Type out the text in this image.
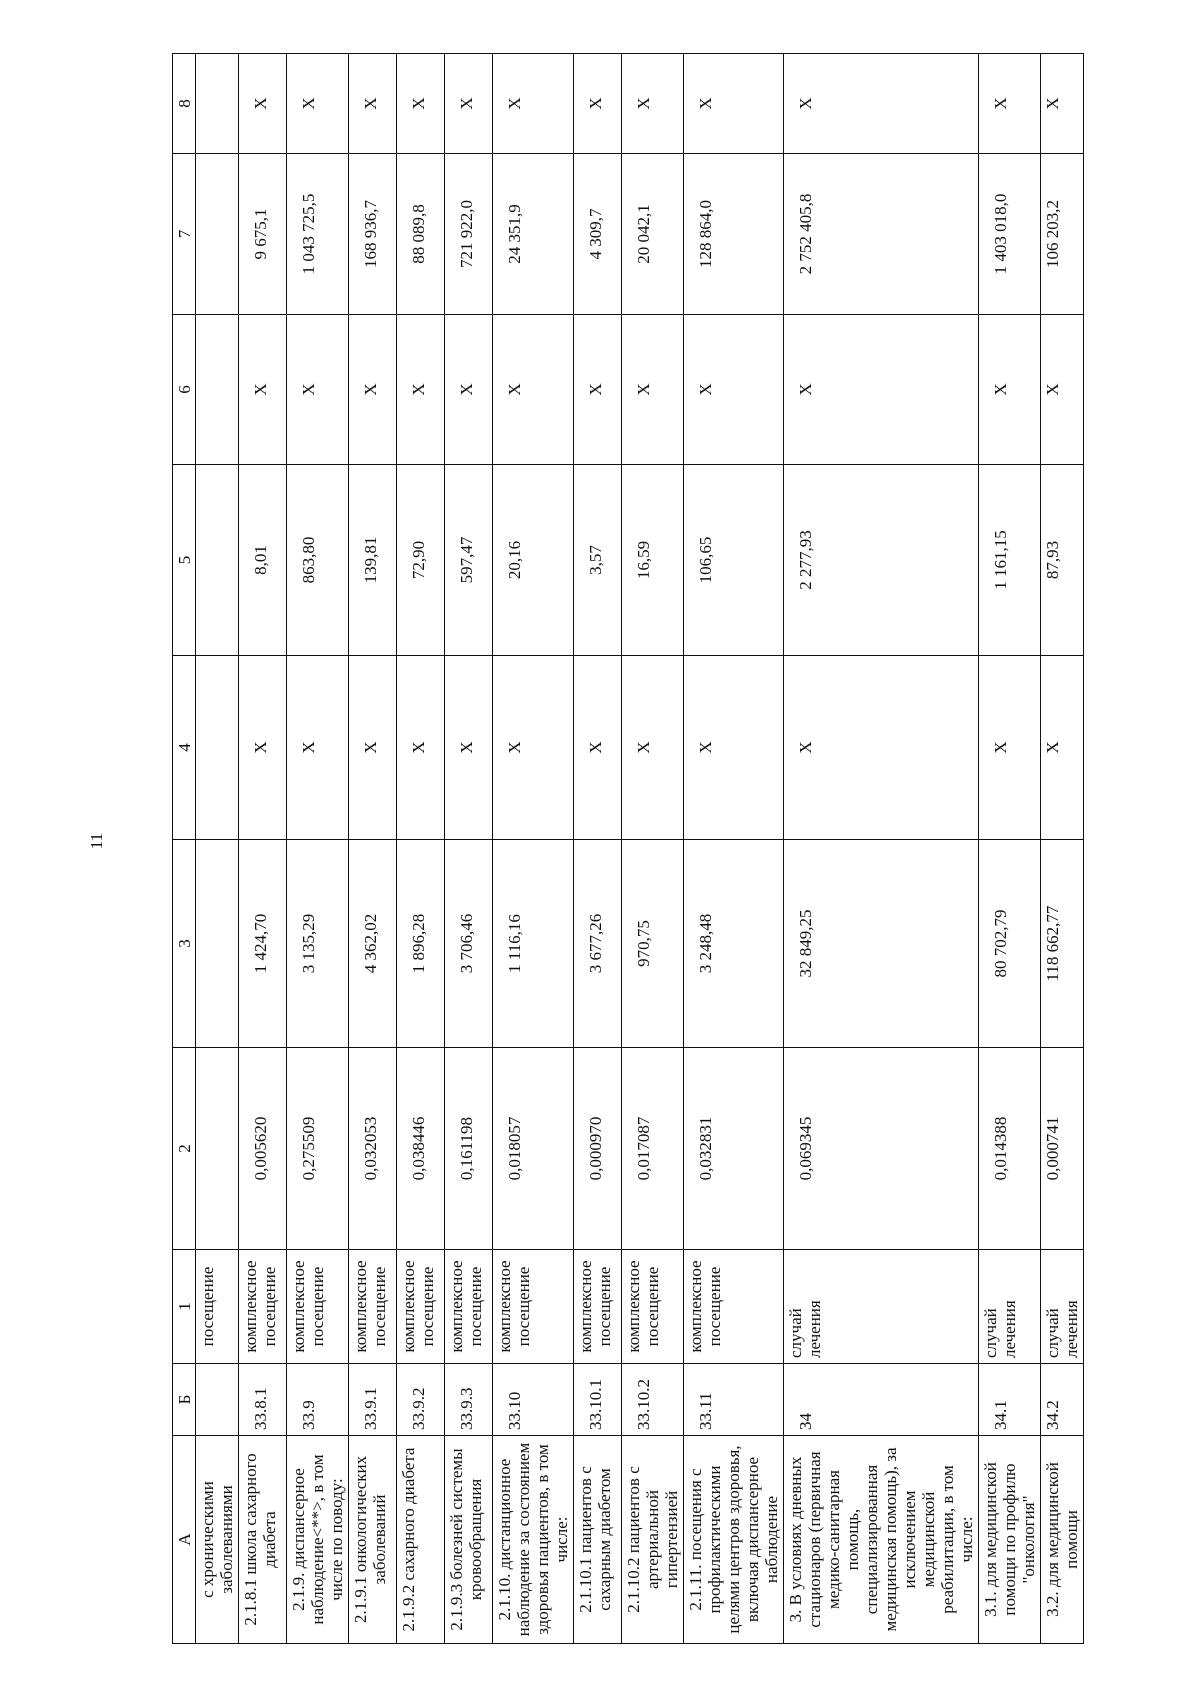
11
А	Б	1	2	3	4	5	6	7	8
с хроническими заболеваниями		посещение							
2.1.8.1 школа сахарного диабета	33.8.1	комплексное посещение	0,005620	1 424,70	Х	8,01	Х	9 675,1	Х
2.1.9. диспансерное наблюдение<**>, в том числе по поводу:	33.9	комплексное посещение	0,275509	3 135,29	Х	863,80	Х	1 043 725,5	Х
2.1.9.1 онкологических заболеваний	33.9.1	комплексное посещение	0,032053	4 362,02	Х	139,81	Х	168 936,7	Х
2.1.9.2 сахарного диабета	33.9.2	комплексное посещение	0,038446	1 896,28	Х	72,90	Х	88 089,8	Х
2.1.9.3 болезней системы кровообращения	33.9.3	комплексное посещение	0,161198	3 706,46	Х	597,47	Х	721 922,0	Х
2.1.10. дистанционное наблюдение за состоянием здоровья пациентов, в том числе:	33.10	комплексное посещение	0,018057	1 116,16	Х	20,16	Х	24 351,9	Х
2.1.10.1 пациентов с сахарным диабетом	33.10.1	комплексное посещение	0,000970	3 677,26	Х	3,57	Х	4 309,7	Х
2.1.10.2 пациентов с артериальной гипертензией	33.10.2	комплексное посещение	0,017087	970,75	Х	16,59	Х	20 042,1	Х
2.1.11. посещения с профилактическими целями центров здоровья, включая диспансерное наблюдение	33.11	комплексное посещение	0,032831	3 248,48	Х	106,65	Х	128 864,0	Х
3. В условиях дневных стационаров (первичная медико-санитарная помощь, специализированная медицинская помощь), за исключением медицинской реабилитации, в том числе:	34	случай лечения	0,069345	32 849,25	Х	2 277,93	Х	2 752 405,8	Х
3.1. для медицинской помощи по профилю "онкология"	34.1	случай лечения	0,014388	80 702,79	Х	1 161,15	Х	1 403 018,0	Х
3.2. для медицинской помощи	34.2	случай лечения	0,000741	118 662,77	Х	87,93	Х	106 203,2	Х
